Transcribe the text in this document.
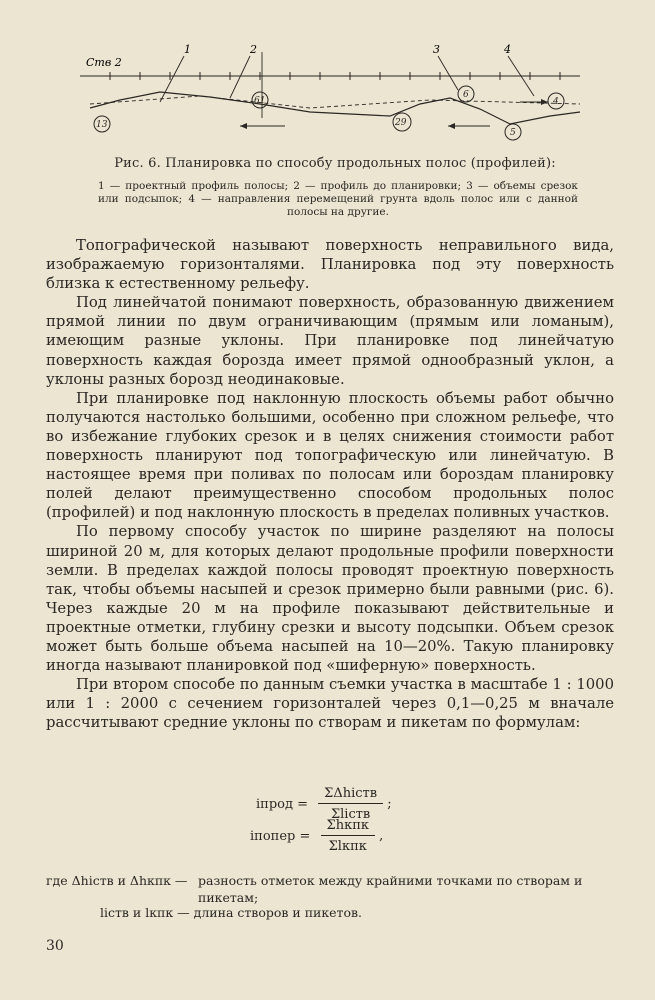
Ств 2
1	2	3	4
13
61
29
6
5
4
Рис. 6. Планировка по способу продольных полос (профилей):
1 — проектный профиль полосы; 2 — профиль до планировки; 3 — объемы срезок или подсыпок; 4 — направления перемещений грунта вдоль полос или с данной полосы на другие.

Топографической называют поверхность неправильного вида, изображаемую горизонталями. Планировка под эту поверхность близка к естественному рельефу.

Под линейчатой понимают поверхность, образованную движением прямой линии по двум ограничивающим (прямым или ломаным), имеющим разные уклоны. При планировке под линейчатую поверхность каждая борозда имеет прямой однообразный уклон, а уклоны разных борозд неодинаковые.

При планировке под наклонную плоскость объемы работ обычно получаются настолько большими, особенно при сложном рельефе, что во избежание глубоких срезок и в целях снижения стоимости работ поверхность планируют под топографическую или линейчатую. В настоящее время при поливах по полосам или бороздам планировку полей делают преимущественно способом продольных полос (профилей) и под наклонную плоскость в пределах поливных участков.

По первому способу участок по ширине разделяют на полосы шириной 20 м, для которых делают продольные профили поверхности земли. В пределах каждой полосы проводят проектную поверхность так, чтобы объемы насыпей и срезок примерно были равными (рис. 6). Через каждые 20 м на профиле показывают действительные и проектные отметки, глубину срезки и высоту подсыпки. Объем срезок может быть больше объема насыпей на 10—20%. Такую планировку иногда называют планировкой под «шиферную» поверхность.

При втором способе по данным съемки участка в масштабе 1 : 1000 или 1 : 2000 с сечением горизонталей через 0,1—0,25 м вначале рассчитывают средние уклоны по створам и пикетам по формулам:

iпрод = $\frac{\text{ΣΔhiств}}{\text{Σliств}}$ ;
iпопер = $\frac{\text{Σhкпк}}{\text{Σlкпк}}$ ,
где Δhiств и Δhкпк — разность отметок между крайними точками по створам и
пикетам;
liств и lкпк — длина створов и пикетов.
30
